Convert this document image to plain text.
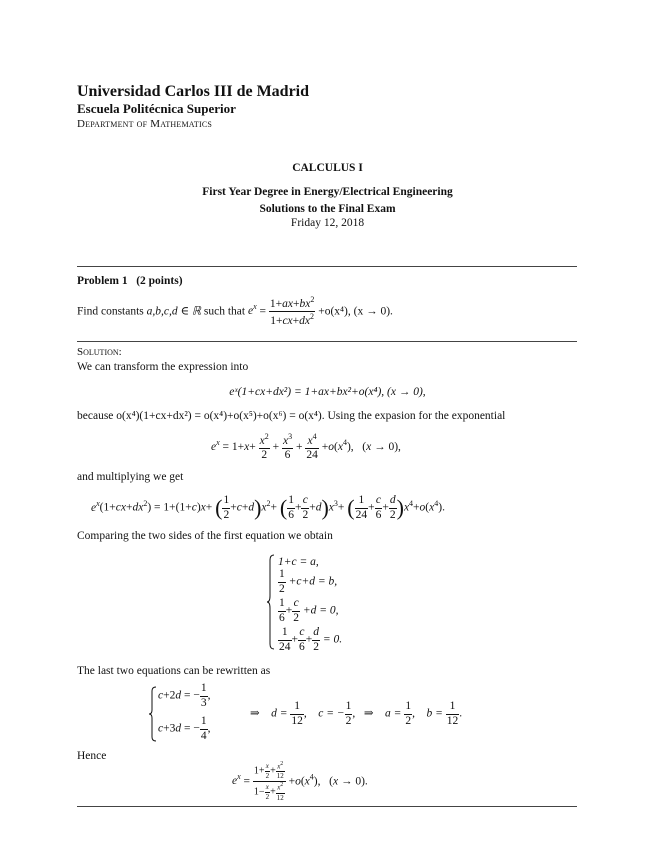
Universidad Carlos III de Madrid
Escuela Politécnica Superior
Department of Mathematics
CALCULUS I
First Year Degree in Energy/Electrical Engineering
Solutions to the Final Exam
Friday 12, 2018
Problem 1 (2 points)
Find constants a,b,c,d ∈ ℝ such that $e^x = \frac{1+ax+bx^2}{1+cx+dx^2} +o(x^4)$, (x → 0).
Solution:
We can transform the expression into
eˣ(1+cx+dx²) = 1+ax+bx²+o(x⁴), (x → 0),
because o(x⁴)(1+cx+dx²) = o(x⁴)+o(x⁵)+o(x⁶) = o(x⁴). Using the expasion for the exponential
$e^x = 1+x+ \frac{x^2}{2} + \frac{x^3}{6} + \frac{x^4}{24} +o(x^4)$,   (x → 0),
and multiplying we get
$e^x(1+cx+dx^2) = 1+(1+c)x+$ ( $\frac{1}{2} +c+d)x^2+$ ( $\frac{1}{6} + \frac{c}{2} +d)x^3+$ ( $\frac{1}{24} + \frac{c}{6} + \frac{d}{2} )x^4+o(x^4)$.
Comparing the two sides of the first equation we obtain
1+c = a,
$\frac{1}{2} +c+d = b$,
$\frac{1}{6} + \frac{c}{2} +d = 0$,
$\frac{1}{24} + \frac{c}{6} + \frac{d}{2} = 0$.
The last two equations can be rewritten as
c+2d = − $\frac{1}{3}$ ,
c+3d = − $\frac{1}{4}$ ,
⇒    $d = \frac{1}{12}$ ,    c = − $\frac{1}{2}$ ,   ⇒    $a = \frac{1}{2}$ ,    $b = \frac{1}{12}$ .
Hence
$e^x = \frac{1+ \frac{x}{2} + \frac{x^2}{12}}{1- \frac{x}{2} + \frac{x^2}{12}} +o(x^4)$,   (x → 0).
